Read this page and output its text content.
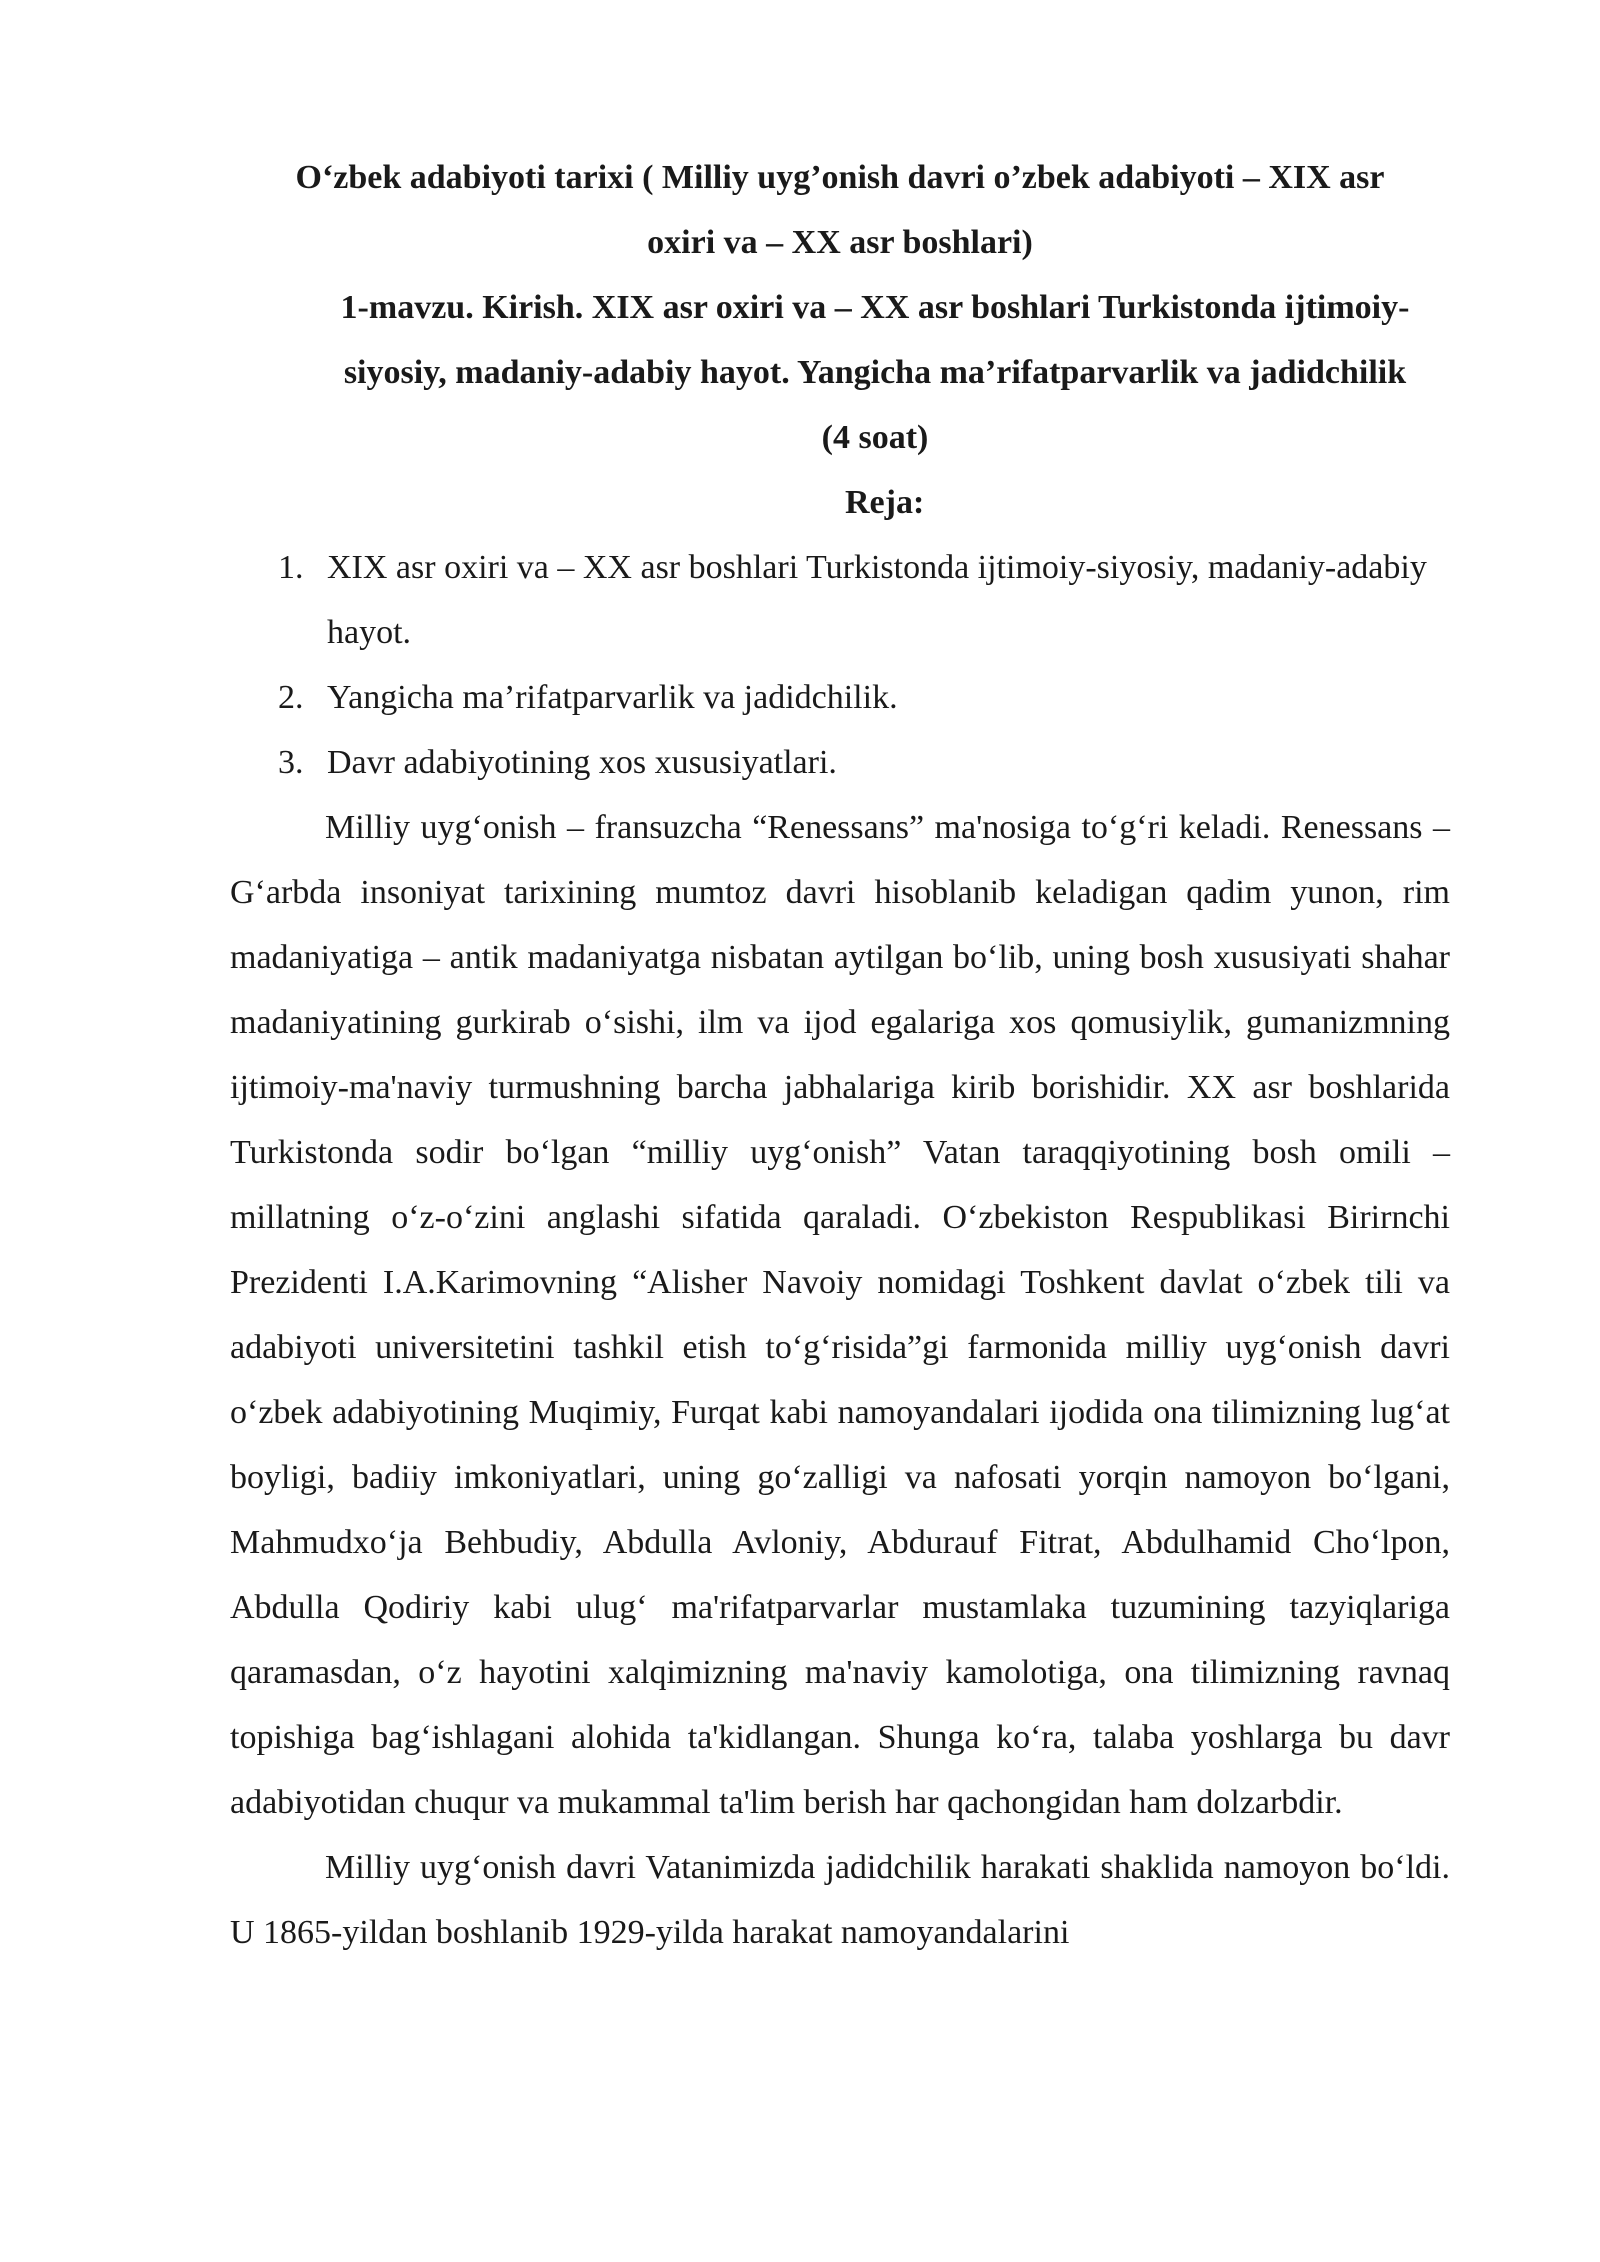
O‘zbek adabiyoti tarixi ( Milliy uyg’onish davri o’zbek adabiyoti – XIX asr
oxiri va – XX asr boshlari)
1-mavzu. Kirish. XIX asr oxiri va – XX asr boshlari Turkistonda ijtimoiy-siyosiy, madaniy-adabiy hayot. Yangicha ma’rifatparvarlik va jadidchilik (4 soat)
Reja:
1. XIX asr oxiri va – XX asr boshlari Turkistonda ijtimoiy-siyosiy, madaniy-adabiy hayot.
2. Yangicha ma’rifatparvarlik va jadidchilik.
3. Davr adabiyotining xos xususiyatlari.

Milliy uyg‘onish – fransuzcha “Renessans” ma'nosiga to‘g‘ri keladi. Renessans – G‘arbda insoniyat tarixining mumtoz davri hisoblanib keladigan qadim yunon, rim madaniyatiga – antik madaniyatga nisbatan aytilgan bo‘lib, uning bosh xususiyati shahar madaniyatining gurkirab o‘sishi, ilm va ijod egalariga xos qomusiylik, gumanizmning ijtimoiy-ma'naviy turmushning barcha jabhalariga kirib borishidir. XX asr boshlarida Turkistonda sodir bo‘lgan “milliy uyg‘onish” Vatan taraqqiyotining bosh omili – millatning o‘z-o‘zini anglashi sifatida qaraladi. O‘zbekiston Respublikasi Birirnchi Prezidenti I.A.Karimovning “Alisher Navoiy nomidagi Toshkent davlat o‘zbek tili va adabiyoti universitetini tashkil etish to‘g‘risida”gi farmonida milliy uyg‘onish davri o‘zbek adabiyotining Muqimiy, Furqat kabi namoyandalari ijodida ona tilimizning lug‘at boyligi, badiiy imkoniyatlari, uning go‘zalligi va nafosati yorqin namoyon bo‘lgani, Mahmudxo‘ja Behbudiy, Abdulla Avloniy, Abdurauf Fitrat, Abdulhamid Cho‘lpon, Abdulla Qodiriy kabi ulug‘ ma'rifatparvarlar mustamlaka tuzumining tazyiqlariga qaramasdan, o‘z hayotini xalqimizning ma'naviy kamolotiga, ona tilimizning ravnaq topishiga bag‘ishlagani alohida ta'kidlangan. Shunga ko‘ra, talaba yoshlarga bu davr adabiyotidan chuqur va mukammal ta'lim berish har qachongidan ham dolzarbdir.

Milliy uyg‘onish davri Vatanimizda jadidchilik harakati shaklida namoyon bo‘ldi. U 1865-yildan boshlanib 1929-yilda harakat namoyandalarini
